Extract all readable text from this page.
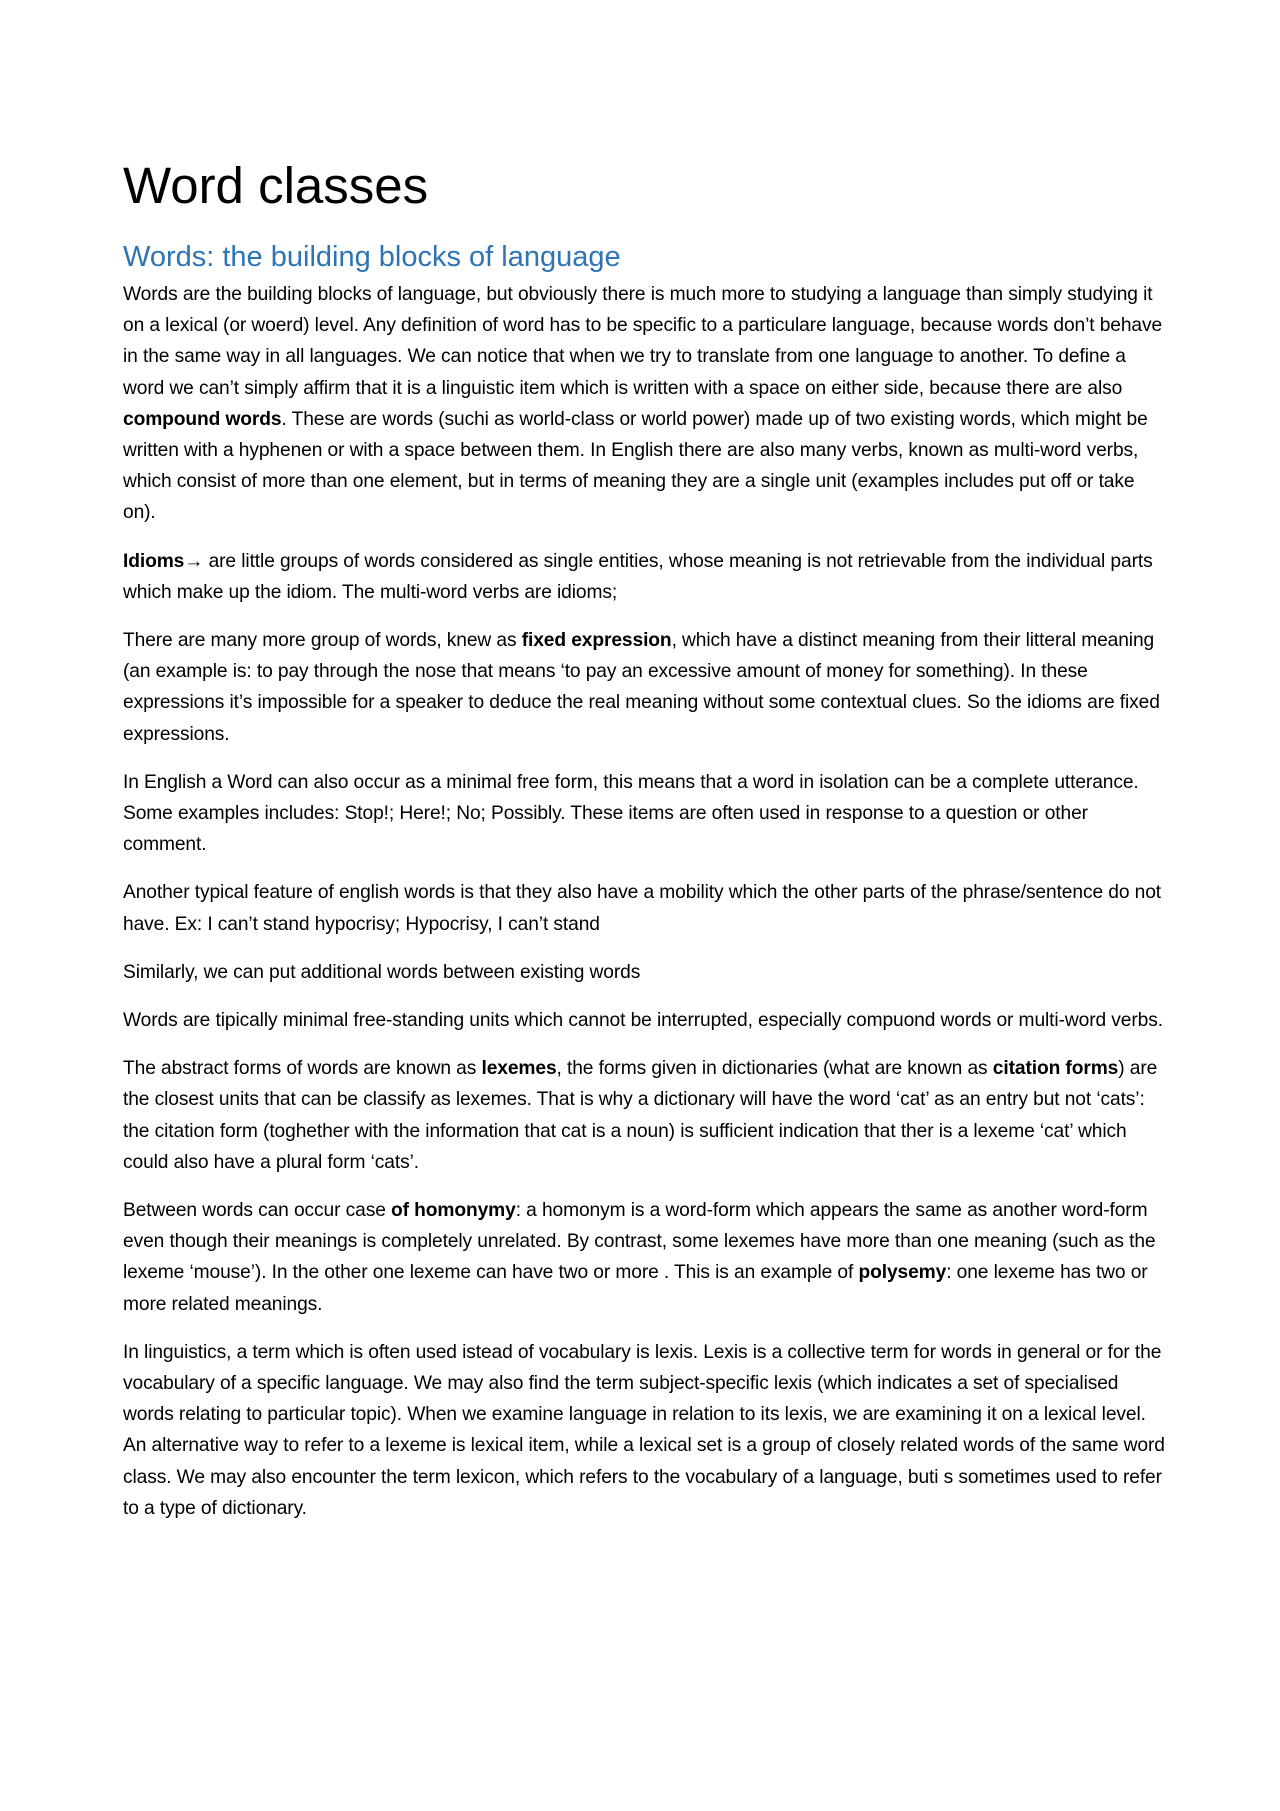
Word classes
Words: the building blocks of language

Words are the building blocks of language, but obviously there is much more to studying a language than simply studying it on a lexical (or woerd) level. Any definition of word has to be specific to a particulare language, because words don’t behave in the same way in all languages. We can notice that when we try to translate from one language to another. To define a word we can’t simply affirm that it is a linguistic item which is written with a space on either side, because there are also compound words. These are words (suchi as world-class or world power) made up of two existing words, which might be written with a hyphenen or with a space between them. In English there are also many verbs, known as multi-word verbs, which consist of more than one element, but in terms of meaning they are a single unit (examples includes put off or take on).

Idioms→ are little groups of words considered as single entities, whose meaning is not retrievable from the individual parts which make up the idiom. The multi-word verbs are idioms;

There are many more group of words, knew as fixed expression, which have a distinct meaning from their litteral meaning (an example is: to pay through the nose that means ‘to pay an excessive amount of money for something). In these expressions it’s impossible for a speaker to deduce the real meaning without some contextual clues. So the idioms are fixed expressions.

In English a Word can also occur as a minimal free form, this means that a word in isolation can be a complete utterance. Some examples includes: Stop!; Here!; No; Possibly. These items are often used in response to a question or other comment.

Another typical feature of english words is that they also have a mobility which the other parts of the phrase/sentence do not have. Ex: I can’t stand hypocrisy; Hypocrisy, I can’t stand

Similarly, we can put additional words between existing words

Words are tipically minimal free-standing units which cannot be interrupted, especially compuond words or multi-word verbs.

The abstract forms of words are known as lexemes, the forms given in dictionaries (what are known as citation forms) are the closest units that can be classify as lexemes. That is why a dictionary will have the word ‘cat’ as an entry but not ‘cats’: the citation form (toghether with the information that cat is a noun) is sufficient indication that ther is a lexeme ‘cat’ which could also have a plural form ‘cats’.

Between words can occur case of homonymy: a homonym is a word-form which appears the same as another word-form even though their meanings is completely unrelated. By contrast, some lexemes have more than one meaning (such as the lexeme ‘mouse’). In the other one lexeme can have two or more . This is an example of polysemy: one lexeme has two or more related meanings.

In linguistics, a term which is often used istead of vocabulary is lexis. Lexis is a collective term for words in general or for the vocabulary of a specific language. We may also find the term subject-specific lexis (which indicates a set of specialised words relating to particular topic). When we examine language in relation to its lexis, we are examining it on a lexical level. An alternative way to refer to a lexeme is lexical item, while a lexical set is a group of closely related words of the same word class. We may also encounter the term lexicon, which refers to the vocabulary of a language, buti s sometimes used to refer to a type of dictionary.
